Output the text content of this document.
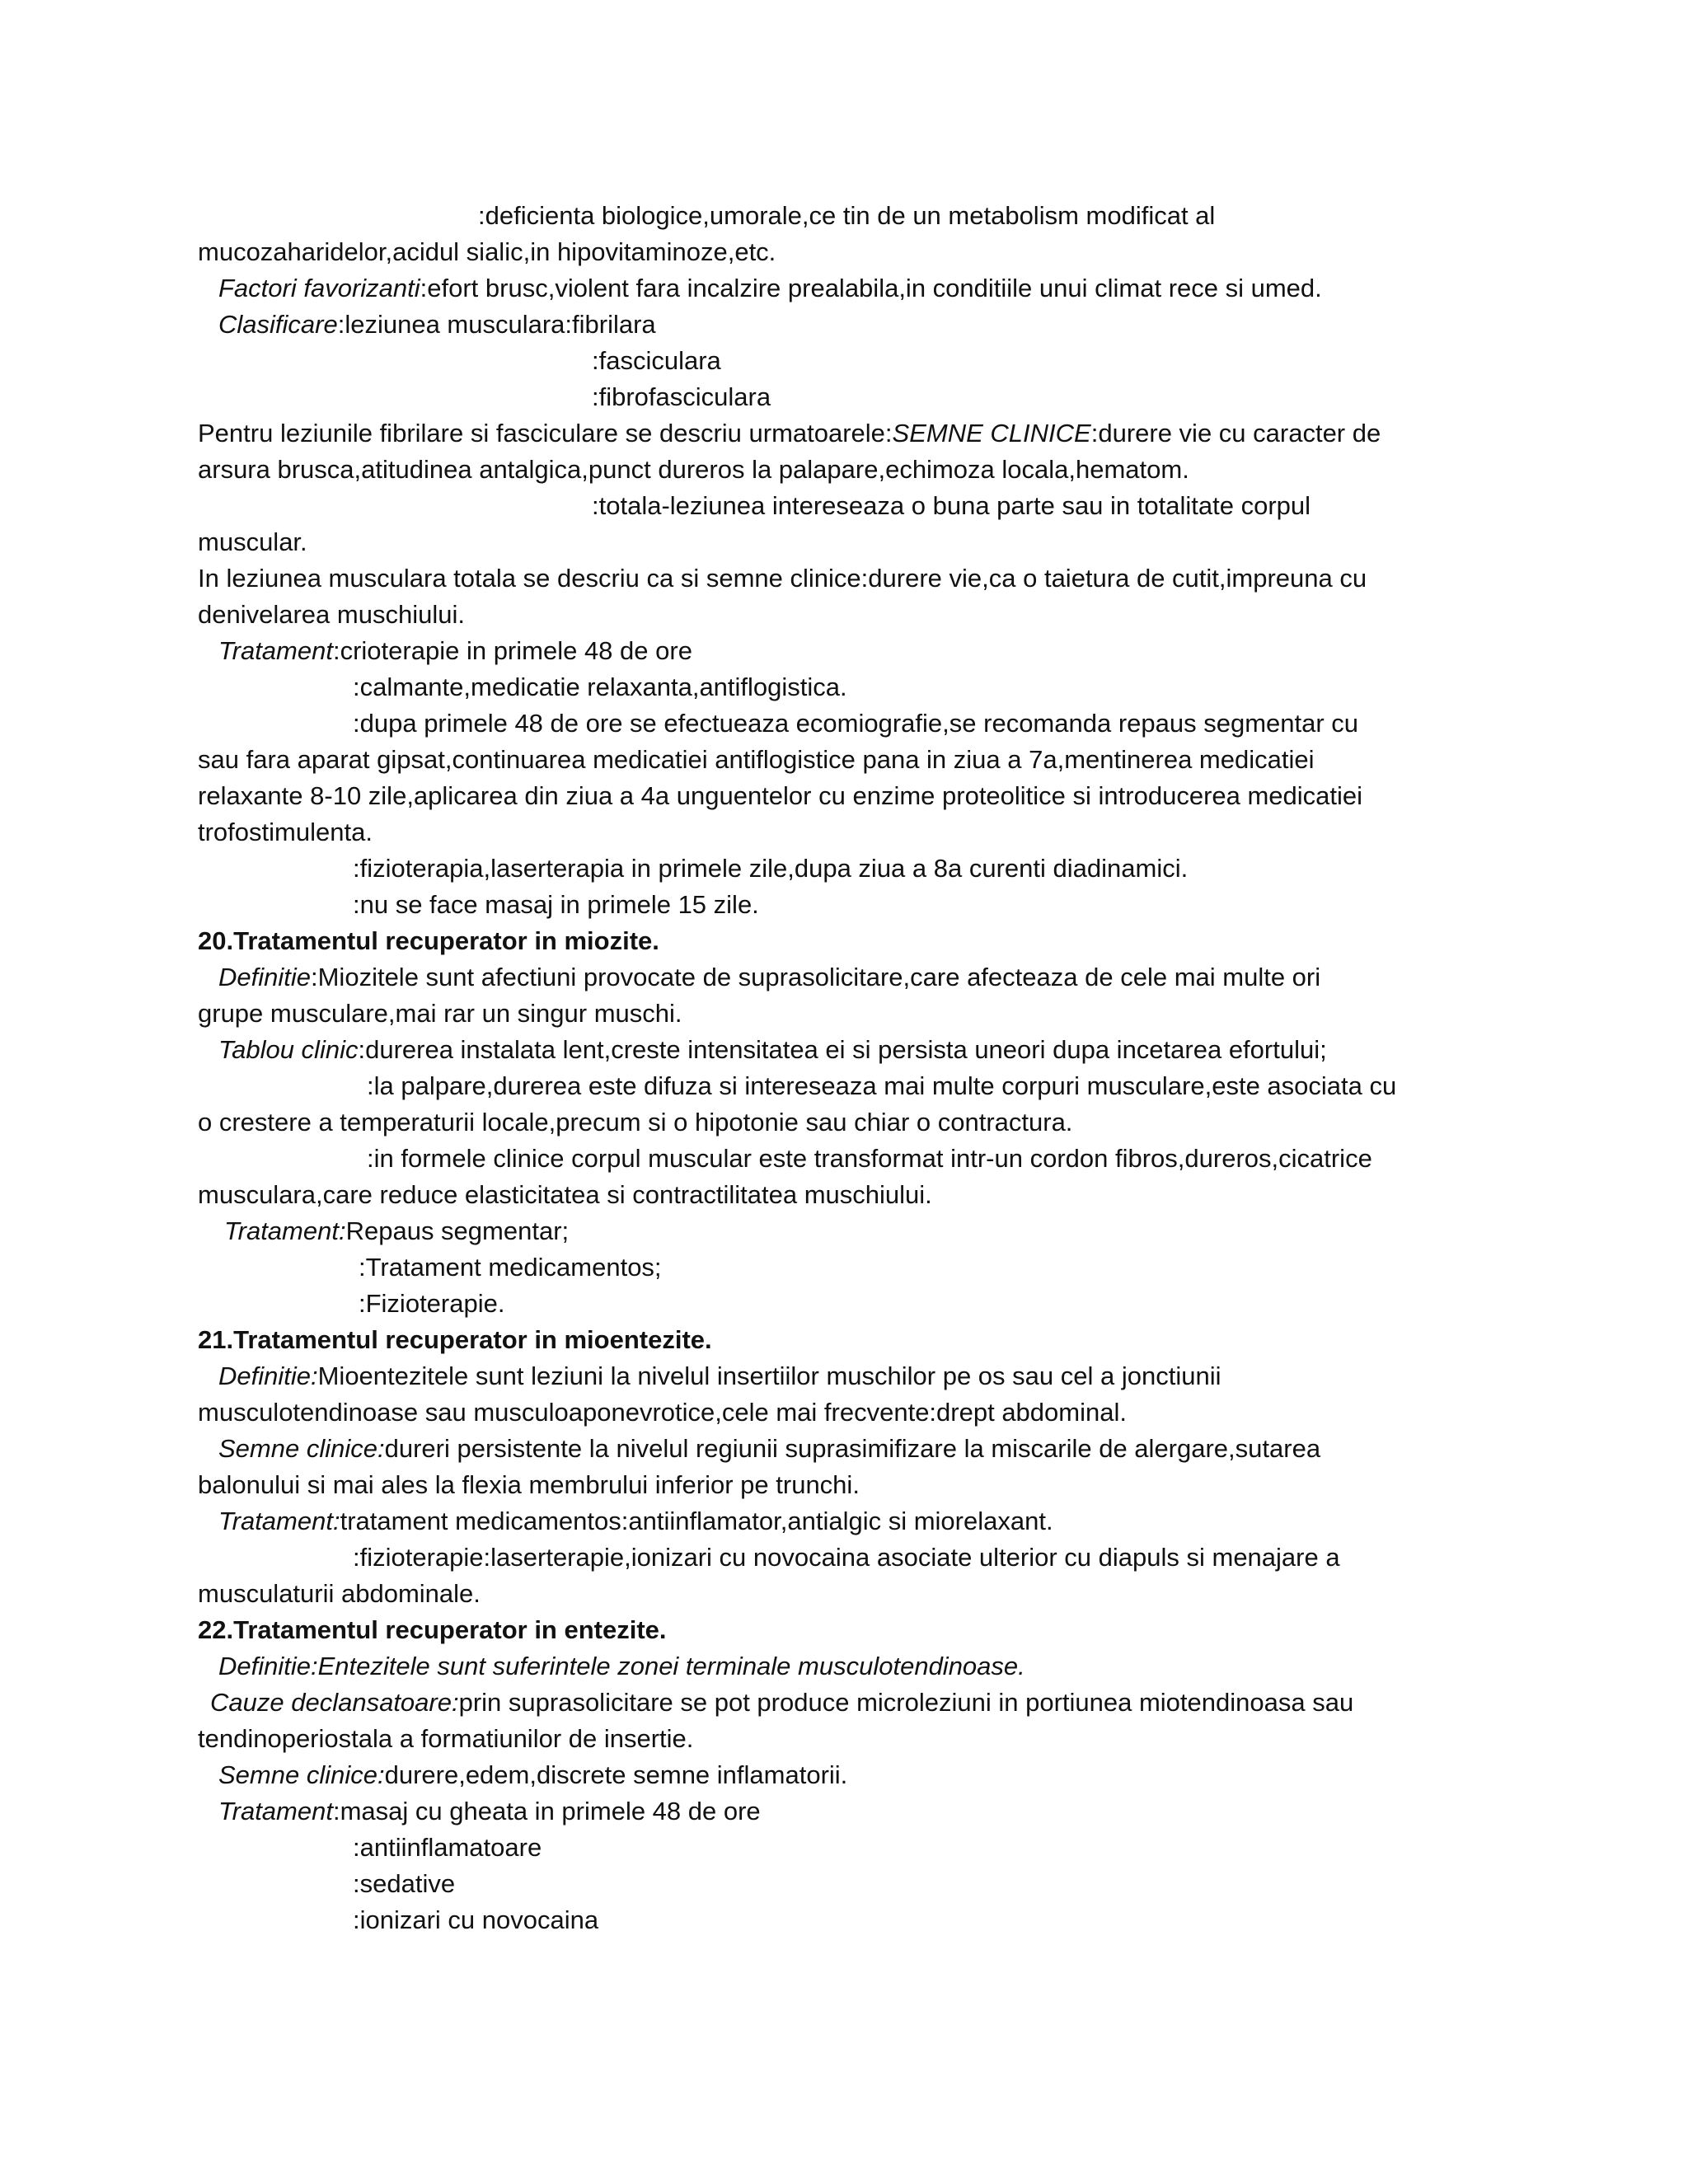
:deficienta biologice,umorale,ce tin de un metabolism modificat al
mucozaharidelor,acidul sialic,in hipovitaminoze,etc.
Factori favorizanti:efort brusc,violent fara incalzire prealabila,in conditiile unui climat rece si umed.
Clasificare:leziunea musculara:fibrilara
:fasciculara
:fibrofasciculara
Pentru leziunile fibrilare si fasciculare se descriu urmatoarele:SEMNE CLINICE:durere vie cu caracter de
arsura brusca,atitudinea antalgica,punct dureros la palapare,echimoza locala,hematom.
:totala-leziunea intereseaza o buna parte sau in totalitate corpul
muscular.
In leziunea musculara totala se descriu ca si semne clinice:durere vie,ca o taietura de cutit,impreuna cu
denivelarea muschiului.
Tratament:crioterapie in primele 48 de ore
:calmante,medicatie relaxanta,antiflogistica.
:dupa primele 48 de ore se efectueaza ecomiografie,se recomanda repaus segmentar cu
sau fara aparat gipsat,continuarea medicatiei antiflogistice pana in ziua a 7a,mentinerea medicatiei
relaxante 8-10 zile,aplicarea din ziua a 4a unguentelor cu enzime proteolitice si introducerea medicatiei
trofostimulenta.
:fizioterapia,laserterapia in primele zile,dupa ziua a 8a curenti diadinamici.
:nu se face masaj in primele 15 zile.
20.Tratamentul recuperator in miozite.
Definitie:Miozitele sunt afectiuni provocate de suprasolicitare,care afecteaza de cele mai multe ori
grupe musculare,mai rar un singur muschi.
Tablou clinic:durerea instalata lent,creste intensitatea ei si persista uneori dupa incetarea efortului;
:la palpare,durerea este difuza si intereseaza mai multe corpuri musculare,este asociata cu
o crestere a temperaturii locale,precum si o hipotonie sau chiar o contractura.
:in formele clinice corpul muscular este transformat intr-un cordon fibros,dureros,cicatrice
musculara,care reduce elasticitatea si contractilitatea muschiului.
Tratament:Repaus segmentar;
:Tratament medicamentos;
:Fizioterapie.
21.Tratamentul recuperator in mioentezite.
Definitie:Mioentezitele sunt leziuni la nivelul insertiilor muschilor pe os sau cel a jonctiunii
musculotendinoase sau musculoaponevrotice,cele mai frecvente:drept abdominal.
Semne clinice:dureri persistente la nivelul regiunii suprasimifizare la miscarile de alergare,sutarea
balonului si mai ales la flexia membrului inferior pe trunchi.
Tratament:tratament medicamentos:antiinflamator,antialgic si miorelaxant.
:fizioterapie:laserterapie,ionizari cu novocaina asociate ulterior cu diapuls si menajare a
musculaturii abdominale.
22.Tratamentul recuperator in entezite.
Definitie:Entezitele sunt suferintele zonei terminale musculotendinoase.
Cauze declansatoare:prin suprasolicitare se pot produce microleziuni in portiunea miotendinoasa sau
tendinoperiostala a formatiunilor de insertie.
Semne clinice:durere,edem,discrete semne inflamatorii.
Tratament:masaj cu gheata in primele 48 de ore
:antiinflamatoare
:sedative
:ionizari cu novocaina
